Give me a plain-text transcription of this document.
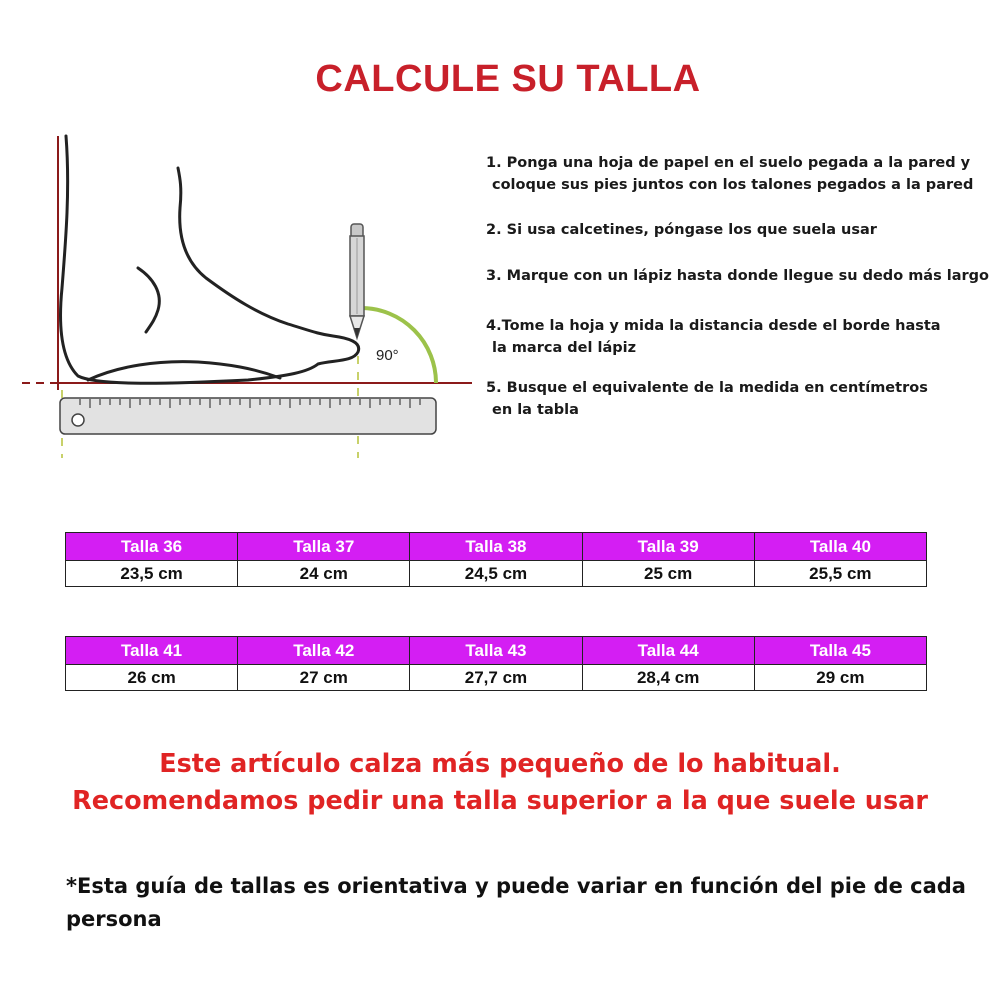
CALCULE SU TALLA
90°
1. Ponga una hoja de papel en el suelo pegada a la pared y
coloque sus pies juntos con los talones pegados a la pared
2. Si usa calcetines, póngase los que suela usar
3. Marque con un lápiz hasta donde llegue su dedo más largo
4.Tome la hoja y mida la distancia desde el borde hasta
la marca del lápiz
5. Busque el equivalente de la medida en centímetros
en la tabla
Talla 36	Talla 37	Talla 38	Talla 39	Talla 40
23,5 cm	24 cm	24,5 cm	25 cm	25,5 cm
Talla 41	Talla 42	Talla 43	Talla 44	Talla 45
26 cm	27 cm	27,7 cm	28,4 cm	29 cm
Este artículo calza más pequeño de lo habitual.
Recomendamos pedir una talla superior a la que suele usar
*Esta guía de tallas es orientativa y puede variar en función del pie de cada persona
